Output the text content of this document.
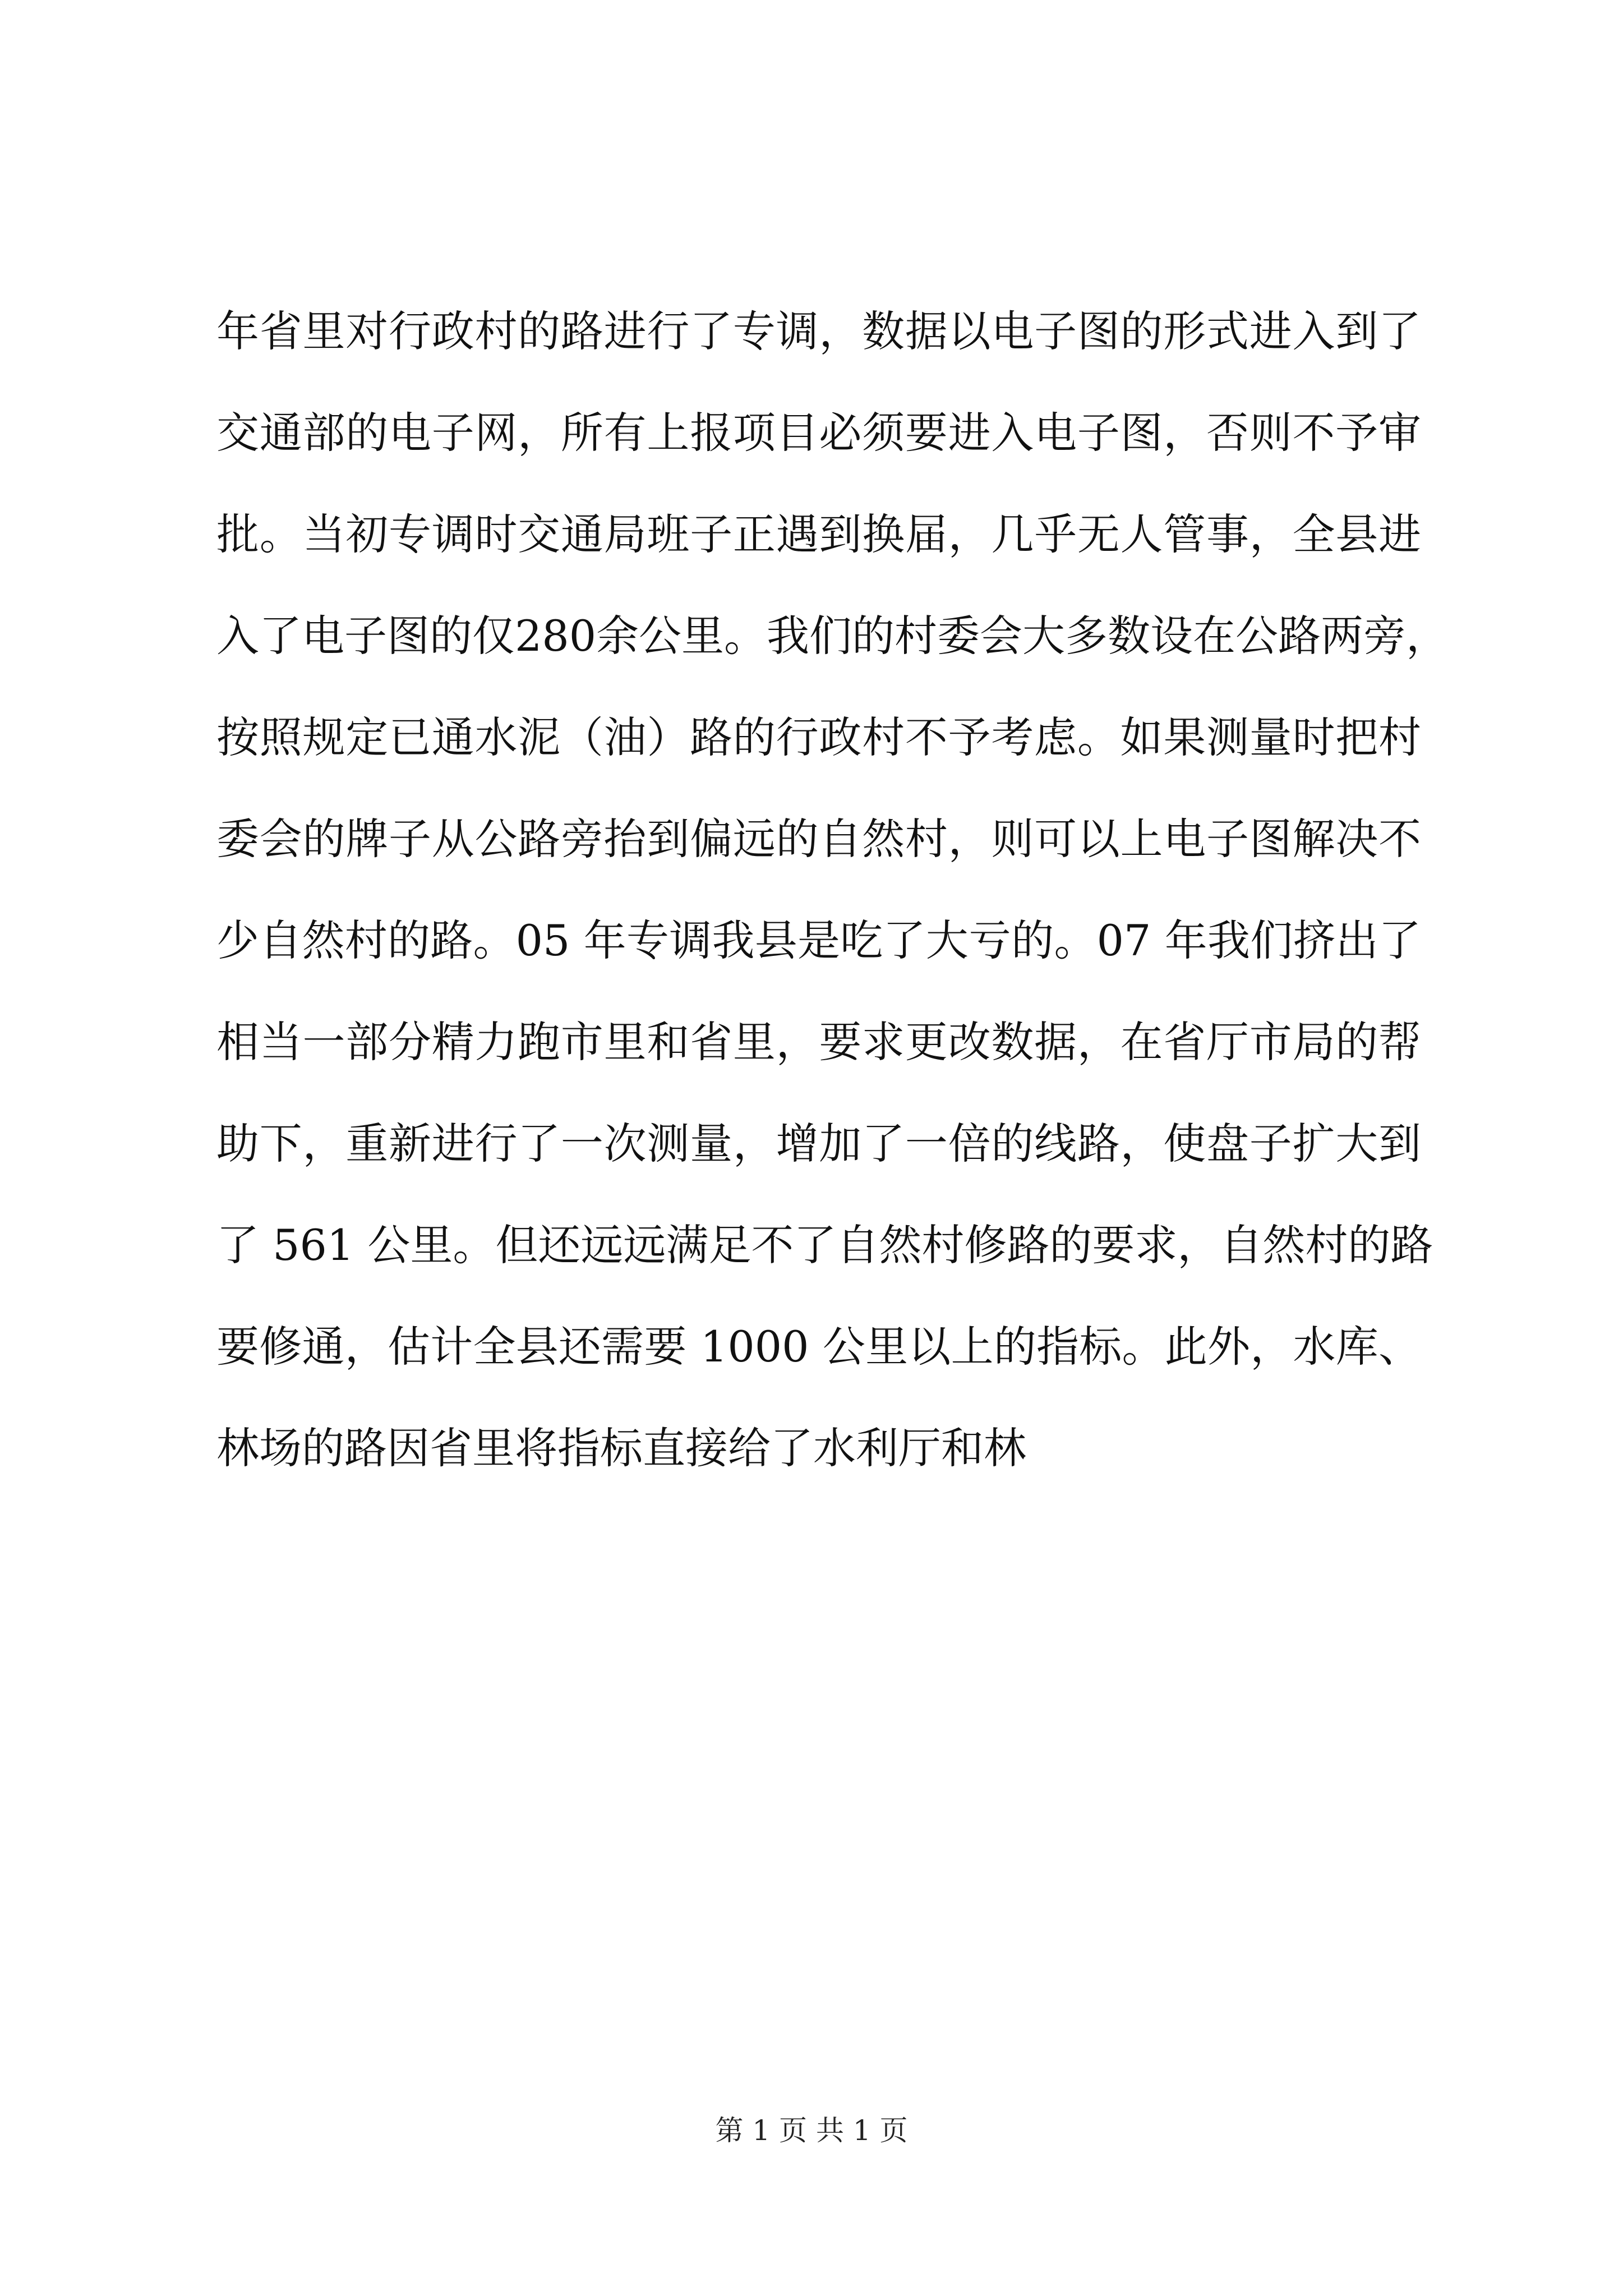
年省里对行政村的路进行了专调，数据以电子图的形式进入到了
交通部的电子网，所有上报项目必须要进入电子图，否则不予审
批。当初专调时交通局班子正遇到换届，几乎无人管事，全县进
入了电子图的仅280余公里。我们的村委会大多数设在公路两旁，
按照规定已通水泥（油）路的行政村不予考虑。如果测量时把村
委会的牌子从公路旁抬到偏远的自然村，则可以上电子图解决不
少自然村的路。05 年专调我县是吃了大亏的。07 年我们挤出了
相当一部分精力跑市里和省里，要求更改数据，在省厅市局的帮
助下，重新进行了一次测量，增加了一倍的线路，使盘子扩大到
了 561 公里。但还远远满足不了自然村修路的要求，自然村的路
要修通，估计全县还需要 1000 公里以上的指标。此外，水库、
林场的路因省里将指标直接给了水利厅和林
第 1 页 共 1 页
